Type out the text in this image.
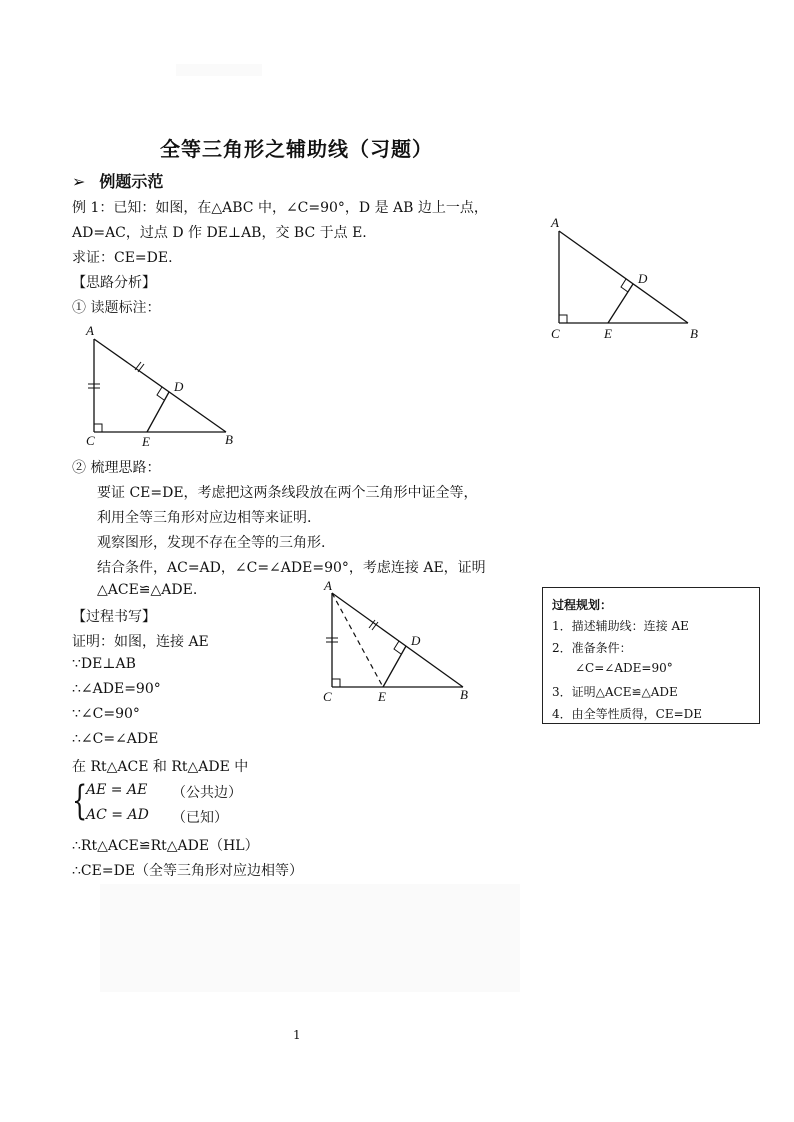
全等三角形之辅助线（习题）
➢ 例题示范
例 1：已知：如图，在△ABC 中，∠C=90°，D 是 AB 边上一点，
AD=AC，过点 D 作 DE⊥AB，交 BC 于点 E.
求证：CE=DE.
【思路分析】
① 读题标注：
② 梳理思路：
要证 CE=DE，考虑把这两条线段放在两个三角形中证全等，
利用全等三角形对应边相等来证明.
观察图形，发现不存在全等的三角形.
结合条件，AC=AD，∠C=∠ADE=90°，考虑连接 AE，证明
△ACE≌△ADE.
【过程书写】
证明：如图，连接 AE
∵DE⊥AB
∴∠ADE=90°
∵∠C=90°
∴∠C=∠ADE
在 Rt△ACE 和 Rt△ADE 中
{
AE = AE （公共边）
AC = AD （已知）
∴Rt△ACE≌Rt△ADE（HL）
∴CE=DE（全等三角形对应边相等）
A
C	E	B
D
A
C	E	B
D
A
C	E	B
D
过程规划：
1．描述辅助线：连接 AE
2．准备条件：
∠C=∠ADE=90°
3．证明△ACE≌△ADE
4．由全等性质得，CE=DE
1
